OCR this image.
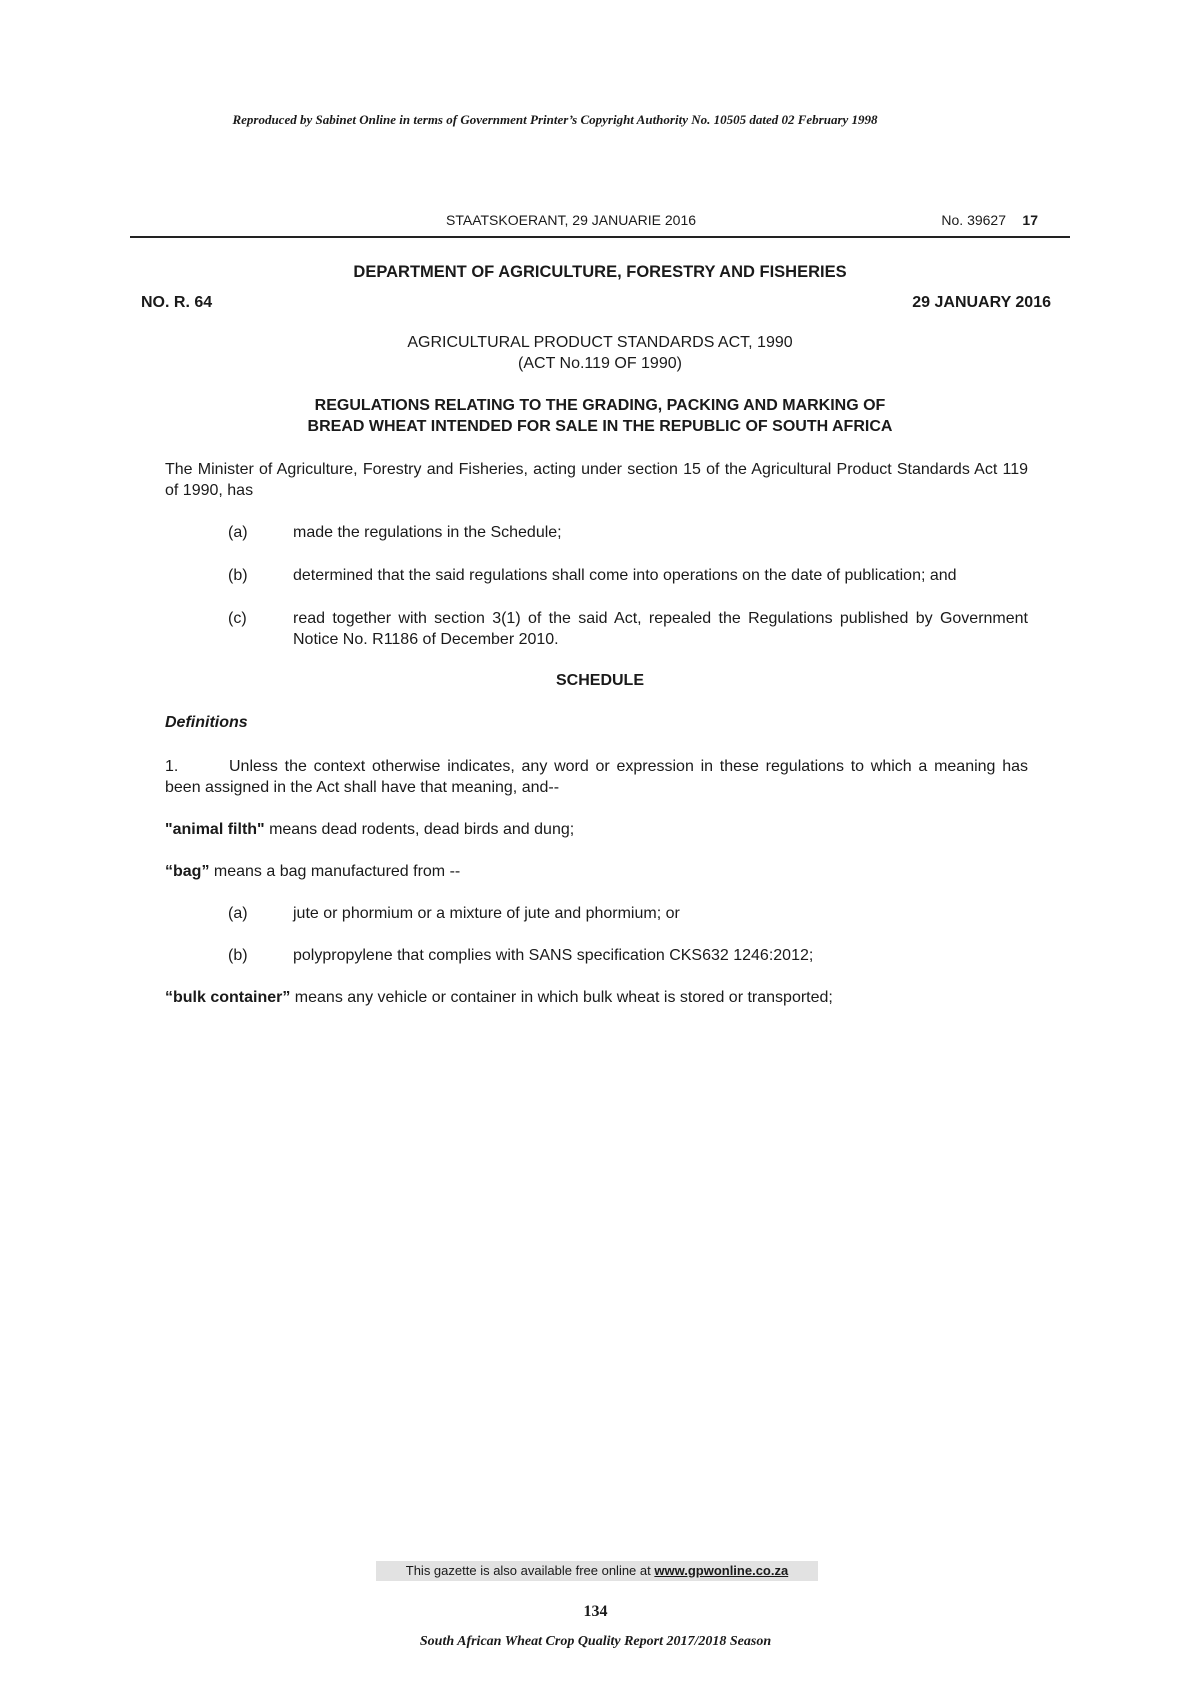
Reproduced by Sabinet Online in terms of Government Printer’s Copyright Authority No. 10505 dated 02 February 1998
STAATSKOERANT, 29 JANUARIE 2016	No. 39627 17
DEPARTMENT OF AGRICULTURE, FORESTRY AND FISHERIES
NO. R. 64	29 JANUARY 2016
AGRICULTURAL PRODUCT STANDARDS ACT, 1990
(ACT No.119 OF 1990)
REGULATIONS RELATING TO THE GRADING, PACKING AND MARKING OF
BREAD WHEAT INTENDED FOR SALE IN THE REPUBLIC OF SOUTH AFRICA
The Minister of Agriculture, Forestry and Fisheries, acting under section 15 of the Agricultural Product Standards Act 119 of 1990, has
(a)	made the regulations in the Schedule;
(b)	determined that the said regulations shall come into operations on the date of publication; and
(c)	read together with section 3(1) of the said Act, repealed the Regulations published by Government Notice No. R1186 of December 2010.
SCHEDULE
Definitions
1.	Unless the context otherwise indicates, any word or expression in these regulations to which a meaning has been assigned in the Act shall have that meaning, and--
"animal filth" means dead rodents, dead birds and dung;
“bag” means a bag manufactured from --
(a)	jute or phormium or a mixture of jute and phormium; or
(b)	polypropylene that complies with SANS specification CKS632 1246:2012;
“bulk container” means any vehicle or container in which bulk wheat is stored or transported;
This gazette is also available free online at www.gpwonline.co.za
134
South African Wheat Crop Quality Report 2017/2018 Season
